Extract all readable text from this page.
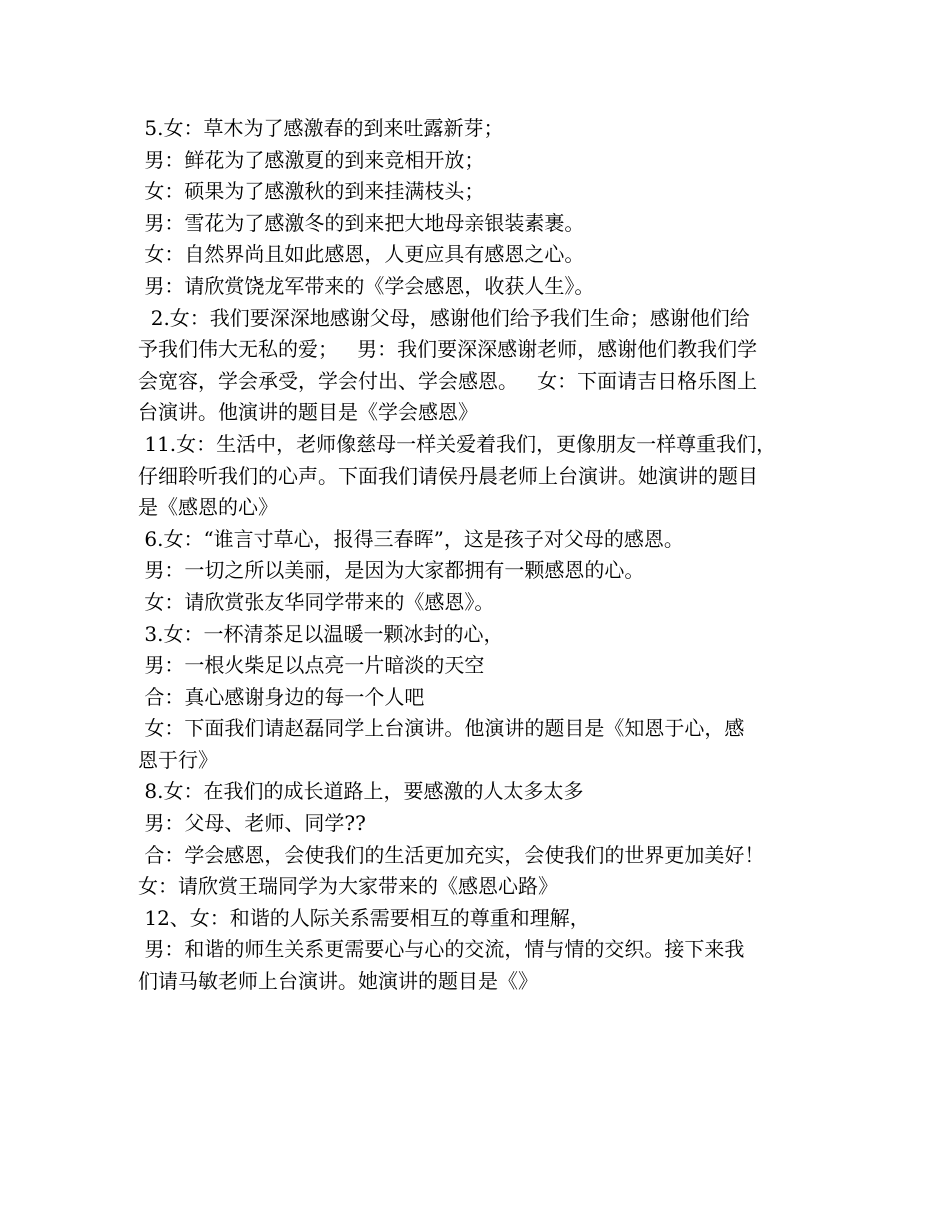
5.女：草木为了感激春的到来吐露新芽；
男：鲜花为了感激夏的到来竞相开放；
女：硕果为了感激秋的到来挂满枝头；
男：雪花为了感激冬的到来把大地母亲银装素裹。
女：自然界尚且如此感恩，人更应具有感恩之心。
男：请欣赏饶龙军带来的《学会感恩，收获人生》。
2.女：我们要深深地感谢父母，感谢他们给予我们生命；感谢他们给
予我们伟大无私的爱；   男：我们要深深感谢老师，感谢他们教我们学
会宽容，学会承受，学会付出、学会感恩。   女：下面请吉日格乐图上
台演讲。他演讲的题目是《学会感恩》
11.女：生活中，老师像慈母一样关爱着我们，更像朋友一样尊重我们，
仔细聆听我们的心声。下面我们请侯丹晨老师上台演讲。她演讲的题目
是《感恩的心》
6.女：“谁言寸草心，报得三春晖”，这是孩子对父母的感恩。
男：一切之所以美丽，是因为大家都拥有一颗感恩的心。
女：请欣赏张友华同学带来的《感恩》。
3.女：一杯清茶足以温暖一颗冰封的心，
男：一根火柴足以点亮一片暗淡的天空
合：真心感谢身边的每一个人吧
女：下面我们请赵磊同学上台演讲。他演讲的题目是《知恩于心，感
恩于行》
8.女：在我们的成长道路上，要感激的人太多太多
男：父母、老师、同学??
合：学会感恩，会使我们的生活更加充实，会使我们的世界更加美好！
女：请欣赏王瑞同学为大家带来的《感恩心路》
12、女：和谐的人际关系需要相互的尊重和理解，
男：和谐的师生关系更需要心与心的交流，情与情的交织。接下来我
们请马敏老师上台演讲。她演讲的题目是《》
